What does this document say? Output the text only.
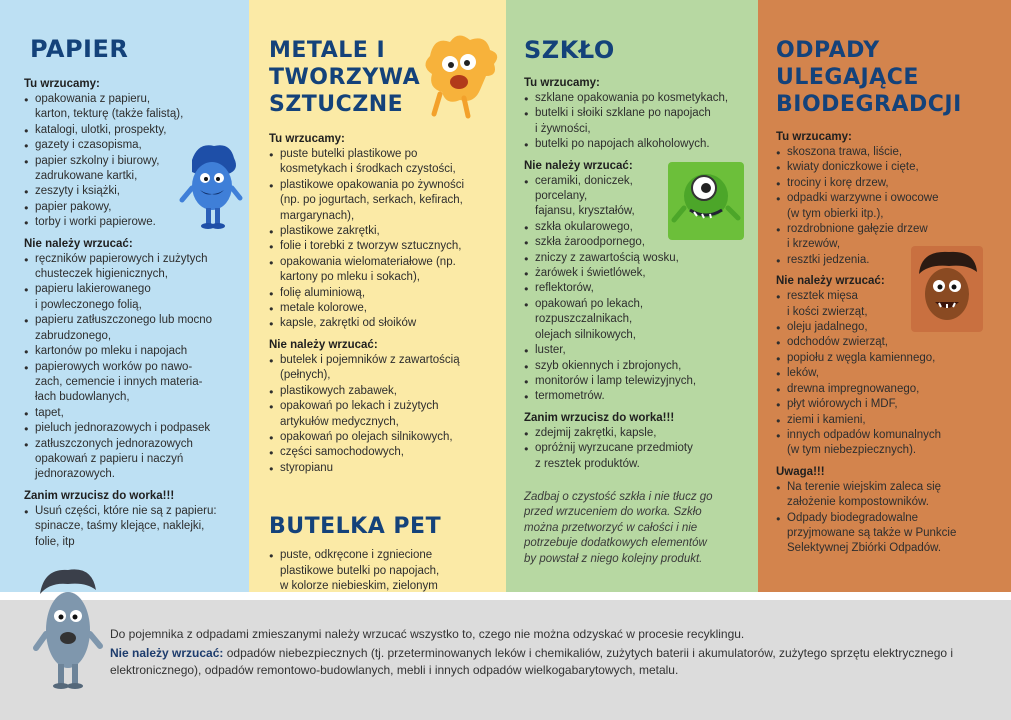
PAPIER
Tu wrzucamy:
● opakowania z papieru,
karton, tekturę (także falistą),
● katalogi, ulotki, prospekty,
● gazety i czasopisma,
● papier szkolny i biurowy,
zadrukowane kartki,
● zeszyty i książki,
● papier pakowy,
● torby i worki papierowe.
Nie należy wrzucać:
● ręczników papierowych i zużytych
chusteczek higienicznych,
● papieru lakierowanego
i powleczonego folią,
● papieru zatłuszczonego lub mocno
zabrudzonego,
● kartonów po mleku i napojach
● papierowych worków po nawo-
zach, cemencie i innych materia-
łach budowlanych,
● tapet,
● pieluch jednorazowych i podpasek
● zatłuszczonych jednorazowych
opakowań z papieru i naczyń
jednorazowych.
Zanim wrzucisz do worka!!!
● Usuń części, które nie są z papieru:
spinacze, taśmy klejące, naklejki,
folie, itp
METALE I
TWORZYWA
SZTUCZNE
Tu wrzucamy:
● puste butelki plastikowe po
kosmetykach i środkach czystości,
● plastikowe opakowania po żywności
(np. po jogurtach, serkach, kefirach,
margarynach),
● plastikowe zakrętki,
● folie i torebki z tworzyw sztucznych,
● opakowania wielomateriałowe (np.
kartony po mleku i sokach),
● folię aluminiową,
● metale kolorowe,
● kapsle, zakrętki od słoików
Nie należy wrzucać:
● butelek i pojemników z zawartością
(pełnych),
● plastikowych zabawek,
● opakowań po lekach i zużytych
artykułów medycznych,
● opakowań po olejach silnikowych,
● części samochodowych,
● styropianu
BUTELKA PET
● puste, odkręcone i zgniecione
plastikowe butelki po napojach,
w kolorze niebieskim, zielonym

SZKŁO
Tu wrzucamy:
● szklane opakowania po kosmetykach,
● butelki i słoiki szklane po napojach
i żywności,
● butelki po napojach alkoholowych.
Nie należy wrzucać:
● ceramiki, doniczek,
porcelany,
fajansu, kryształów,
● szkła okularowego,
● szkła żaroodpornego,
● zniczy z zawartością wosku,
● żarówek i świetlówek,
● reflektorów,
● opakowań po lekach,
rozpuszczalnikach,
olejach silnikowych,
● luster,
● szyb okiennych i zbrojonych,
● monitorów i lamp telewizyjnych,
● termometrów.
Zanim wrzucisz do worka!!!
● zdejmij zakrętki, kapsle,
● opróżnij wyrzucane przedmioty
z resztek produktów.

Zadbaj o czystość szkła i nie tłucz go
przed wrzuceniem do worka. Szkło
można przetworzyć w całości i nie
potrzebuje dodatkowych elementów
by powstał z niego kolejny produkt.

ODPADY
ULEGAJĄCE
BIODEGRADCJI
Tu wrzucamy:
● skoszona trawa, liście,
● kwiaty doniczkowe i cięte,
● trociny i korę drzew,
● odpadki warzywne i owocowe
(w tym obierki itp.),
● rozdrobnione gałęzie drzew
i krzewów,
● resztki jedzenia.
Nie należy wrzucać:
● resztek mięsa
i kości zwierząt,
● oleju jadalnego,
● odchodów zwierząt,
● popiołu z węgla kamiennego,
● leków,
● drewna impregnowanego,
● płyt wiórowych i MDF,
● ziemi i kamieni,
● innych odpadów komunalnych
(w tym niebezpiecznych).
Uwaga!!!
● Na terenie wiejskim zaleca się
założenie kompostowników.
● Odpady biodegradowalne
przyjmowane są także w Punkcie
Selektywnej Zbiórki Odpadów.

Do pojemnika z odpadami zmieszanymi należy wrzucać wszystko to, czego nie można odzyskać w procesie recyklingu.

Nie należy wrzucać: odpadów niebezpiecznych (tj. przeterminowanych leków i chemikaliów, zużytych baterii i akumulatorów, zużytego sprzętu elektrycznego i elektronicznego), odpadów remontowo-budowlanych, mebli i innych odpadów wielkogabarytowych, metalu.
